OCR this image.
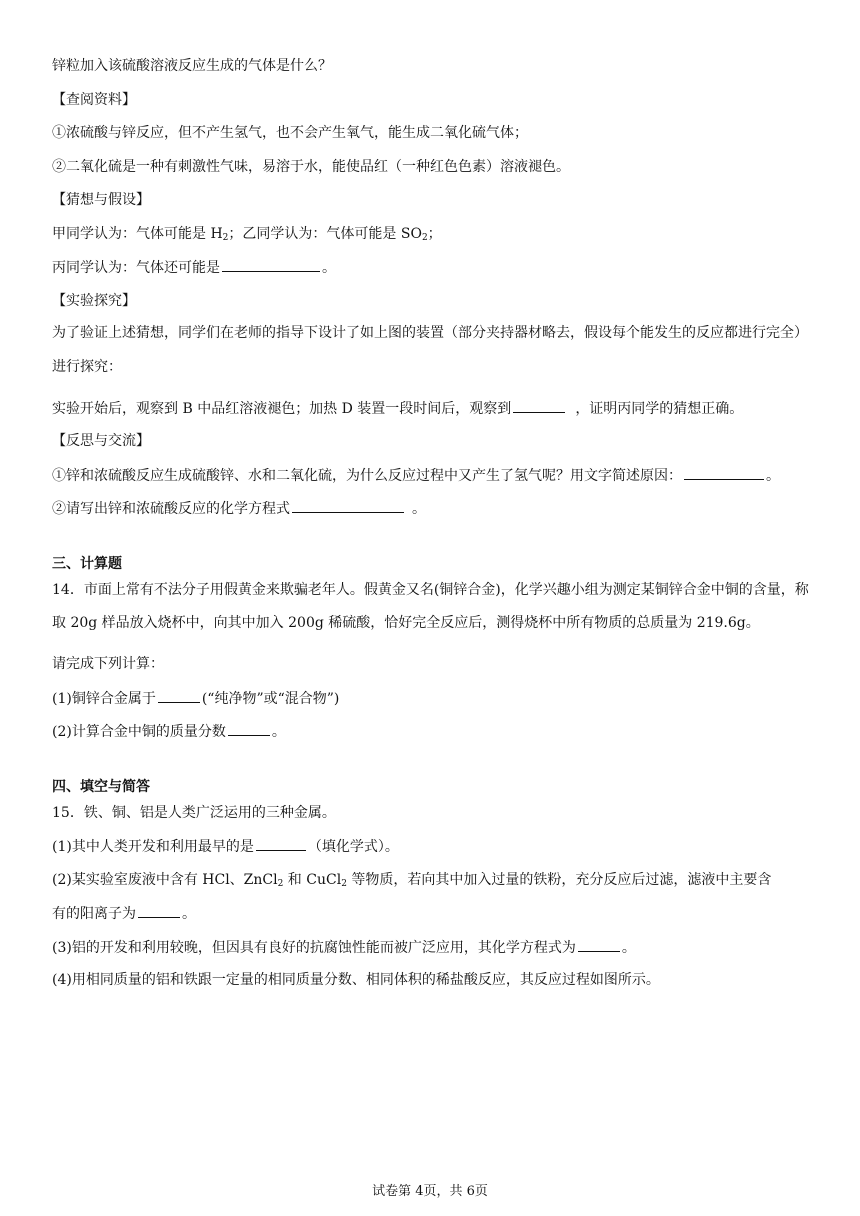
锌粒加入该硫酸溶液反应生成的气体是什么？
【查阅资料】
①浓硫酸与锌反应，但不产生氢气，也不会产生氧气，能生成二氧化硫气体；
②二氧化硫是一种有刺激性气味，易溶于水，能使品红（一种红色色素）溶液褪色。
【猜想与假设】
甲同学认为：气体可能是 $H_2$；乙同学认为：气体可能是 $SO_2$；
丙同学认为：气体还可能是	。
【实验探究】
为了验证上述猜想，同学们在老师的指导下设计了如上图的装置（部分夹持器材略去，假设每个能发生的反应都进行完全）进行探究：
实验开始后，观察到 B 中品红溶液褪色；加热 D 装置一段时间后，观察到	，证明丙同学的猜想正确。
【反思与交流】
①锌和浓硫酸反应生成硫酸锌、水和二氧化硫，为什么反应过程中又产生了氢气呢？用文字简述原因：	。
②请写出锌和浓硫酸反应的化学方程式	。
三、计算题
14．市面上常有不法分子用假黄金来欺骗老年人。假黄金又名(铜锌合金)，化学兴趣小组为测定某铜锌合金中铜的含量，称取 20g 样品放入烧杯中，向其中加入 200g 稀硫酸，恰好完全反应后，测得烧杯中所有物质的总质量为 219.6g。
请完成下列计算：
(1)铜锌合金属于	(“纯净物”或“混合物”)
(2)计算合金中铜的质量分数	。
四、填空与简答
15．铁、铜、铝是人类广泛运用的三种金属。
(1)其中人类开发和利用最早的是	（填化学式）。
(2)某实验室废液中含有 HCl、ZnCl$_2$ 和 CuCl$_2$ 等物质，若向其中加入过量的铁粉，充分反应后过滤，滤液中主要含
有的阳离子为	。
(3)铝的开发和利用较晚，但因具有良好的抗腐蚀性能而被广泛应用，其化学方程式为	。
(4)用相同质量的铝和铁跟一定量的相同质量分数、相同体积的稀盐酸反应，其反应过程如图所示。
试卷第 4页，共 6页
